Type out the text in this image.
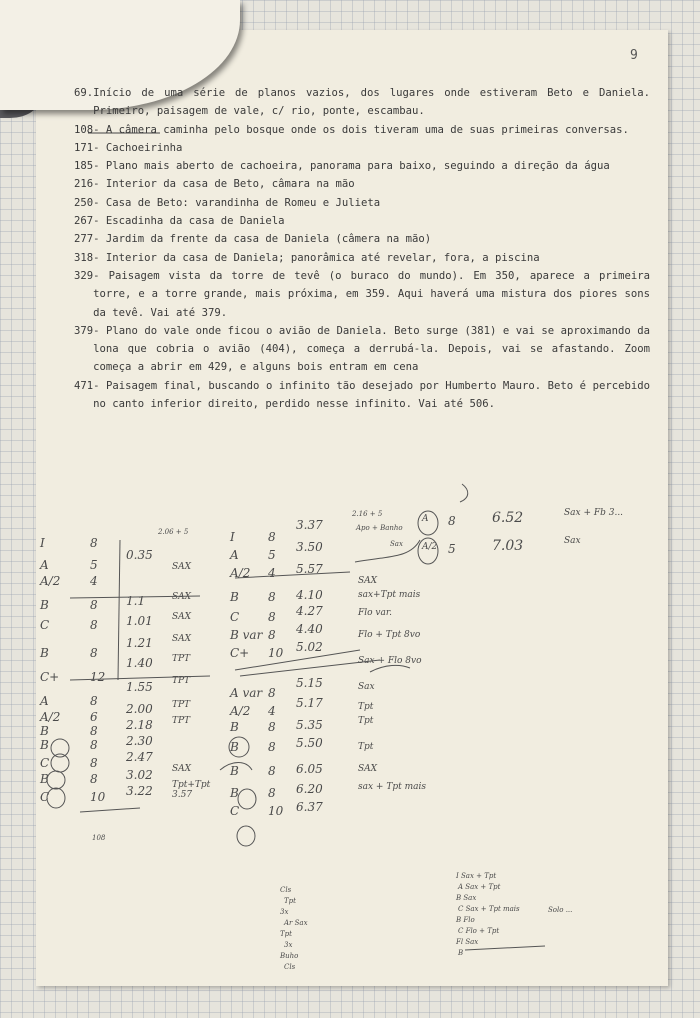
9
69. Início de uma série de planos vazios, dos lugares onde estiveram Beto e Daniela. Primeiro, paisagem de vale, c/ rio, ponte, escambau.
108 - A câmera caminha pelo bosque onde os dois tiveram uma de suas primeiras conversas.
171 - Cachoeirinha
185 - Plano mais aberto de cachoeira, panorama para baixo, seguindo a direção da água
216 - Interior da casa de Beto, câmara na mão
250 - Casa de Beto: varandinha de Romeu e Julieta
267 - Escadinha da casa de Daniela
277 - Jardim da frente da casa de Daniela (câmera na mão)
318 - Interior da casa de Daniela; panorâmica até revelar, fora, a piscina
329 - Paisagem vista da torre de tevê (o buraco do mundo). Em 350, aparece a primeira torre, e a torre grande, mais próxima, em 359. Aqui haverá uma mistura dos piores sons da tevê. Vai até 379.
379 - Plano do vale onde ficou o avião de Daniela. Beto surge (381) e vai se aproximando da lona que cobria o avião (404), começa a derrubá-la. Depois, vai se afastando. Zoom começa a abrir em 429, e alguns bois entram em cena
471 - Paisagem final, buscando o infinito tão desejado por Humberto Mauro. Beto é percebido no canto inferior direito, perdido nesse infinito. Vai até 506.
I
A
A/2
B
C
B
C+
A
A/2
B
B
C
B
C
8
5
4
8
8
8
12
8
6
8
8
8
8
10
0.35
1.1
1.01
1.21
1.40
1.55
2.00
2.18
2.30
2.47
3.02
3.22
SAX
SAX
SAX
SAX
TPT
TPT
TPT
TPT
SAX
Tpt+Tpt
3.57
2.06 + 5
108
I
A
A/2
B
C
B var
C+
A var
A/2
B
B
B
B
C
8
5
4
8
8
8
10
8
4
8
8
8
8
10
3.37
3.50
5.57
4.10
4.27
4.40
5.02
5.15
5.17
5.35
5.50
6.05
6.20
6.37
SAX
sax+Tpt mais
Flo var.
Flo + Tpt 8vo
Sax + Flo 8vo
Sax
Tpt
Tpt
Tpt
SAX
sax + Tpt mais
2.16 + 5
Apo + Banho
A
A/2
8
5
6.52
7.03
Sax + Fb 3...
Sax
Sax
Cls
Tpt
3x
Ar Sax
Tpt
3x
Buho
Cls
I Sax + Tpt
A Sax + Tpt
B Sax
C Sax + Tpt mais
B Flo
C Flo + Tpt
Fl Sax
B
Solo ...
